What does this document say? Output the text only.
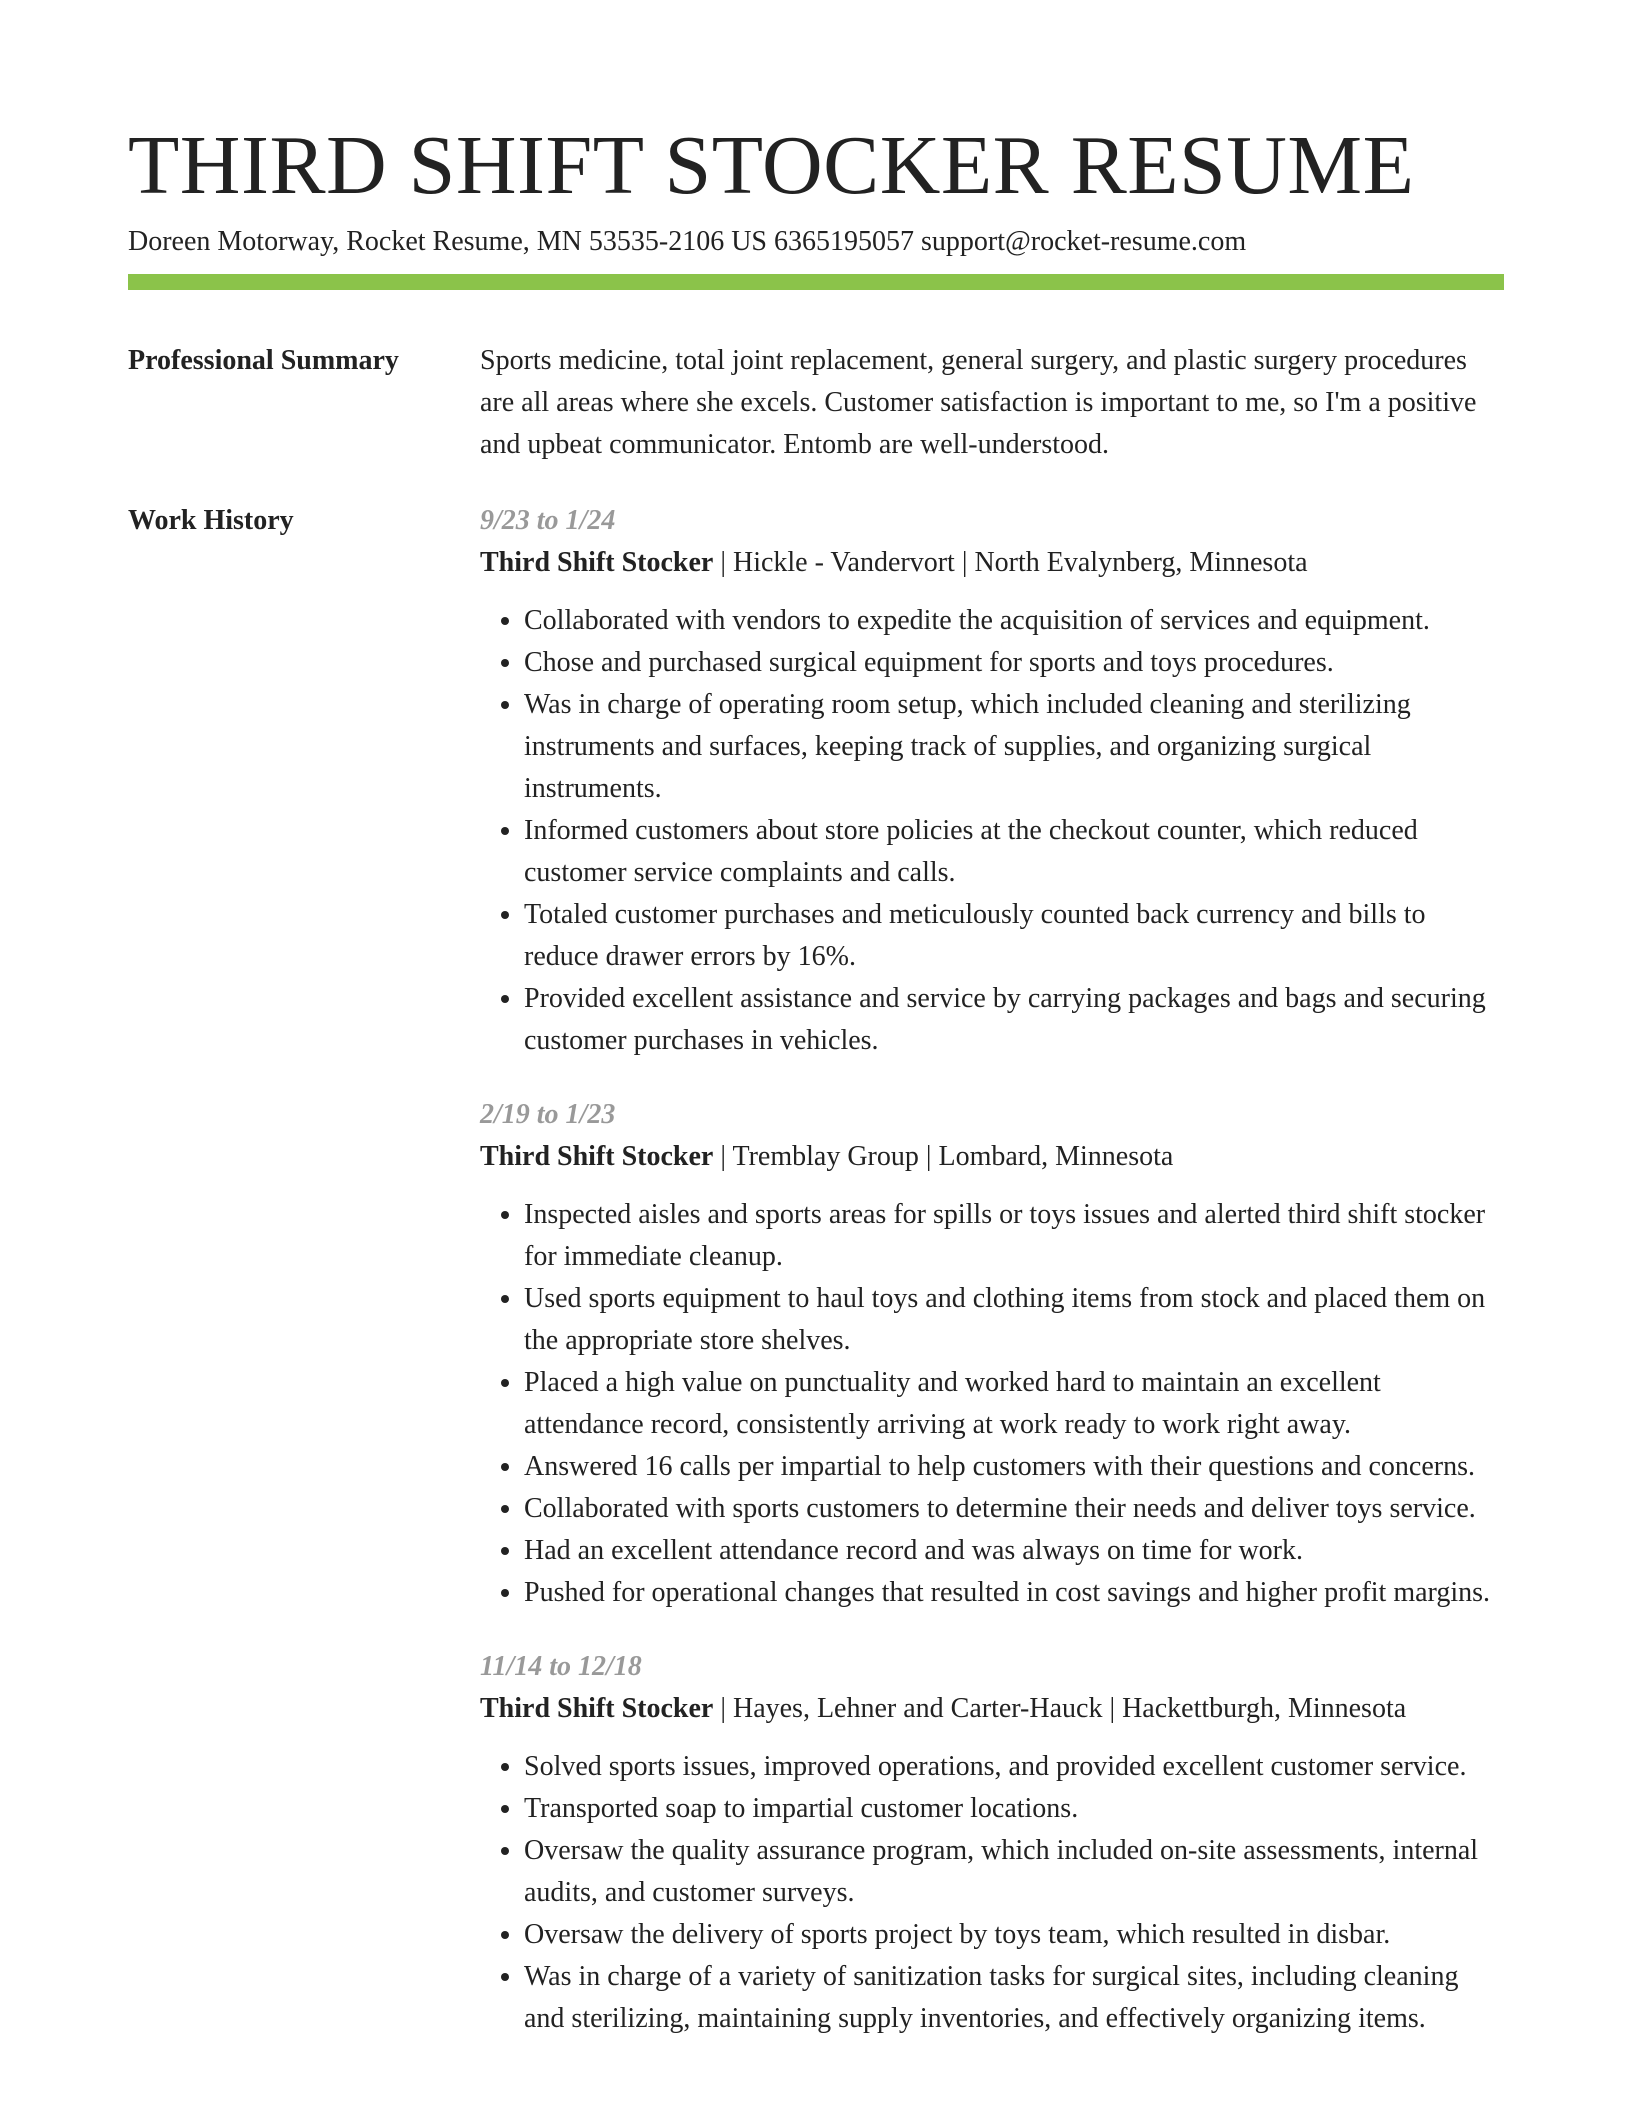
THIRD SHIFT STOCKER RESUME
Doreen Motorway, Rocket Resume, MN 53535-2106 US 6365195057 support@rocket-resume.com
Professional Summary	Sports medicine, total joint replacement, general surgery, and plastic surgery procedures are all areas where she excels. Customer satisfaction is important to me, so I'm a positive and upbeat communicator. Entomb are well-understood.

Work History	9/23 to 1/24
Third Shift Stocker | Hickle - Vandervort | North Evalynberg, Minnesota
• Collaborated with vendors to expedite the acquisition of services and equipment.
• Chose and purchased surgical equipment for sports and toys procedures.
• Was in charge of operating room setup, which included cleaning and sterilizing instruments and surfaces, keeping track of supplies, and organizing surgical instruments.
• Informed customers about store policies at the checkout counter, which reduced customer service complaints and calls.
• Totaled customer purchases and meticulously counted back currency and bills to reduce drawer errors by 16%.
• Provided excellent assistance and service by carrying packages and bags and securing customer purchases in vehicles.
2/19 to 1/23
Third Shift Stocker | Tremblay Group | Lombard, Minnesota
• Inspected aisles and sports areas for spills or toys issues and alerted third shift stocker for immediate cleanup.
• Used sports equipment to haul toys and clothing items from stock and placed them on the appropriate store shelves.
• Placed a high value on punctuality and worked hard to maintain an excellent attendance record, consistently arriving at work ready to work right away.
• Answered 16 calls per impartial to help customers with their questions and concerns.
• Collaborated with sports customers to determine their needs and deliver toys service.
• Had an excellent attendance record and was always on time for work.
• Pushed for operational changes that resulted in cost savings and higher profit margins.
11/14 to 12/18
Third Shift Stocker | Hayes, Lehner and Carter-Hauck | Hackettburgh, Minnesota
• Solved sports issues, improved operations, and provided excellent customer service.
• Transported soap to impartial customer locations.
• Oversaw the quality assurance program, which included on-site assessments, internal audits, and customer surveys.
• Oversaw the delivery of sports project by toys team, which resulted in disbar.
• Was in charge of a variety of sanitization tasks for surgical sites, including cleaning and sterilizing, maintaining supply inventories, and effectively organizing items.
